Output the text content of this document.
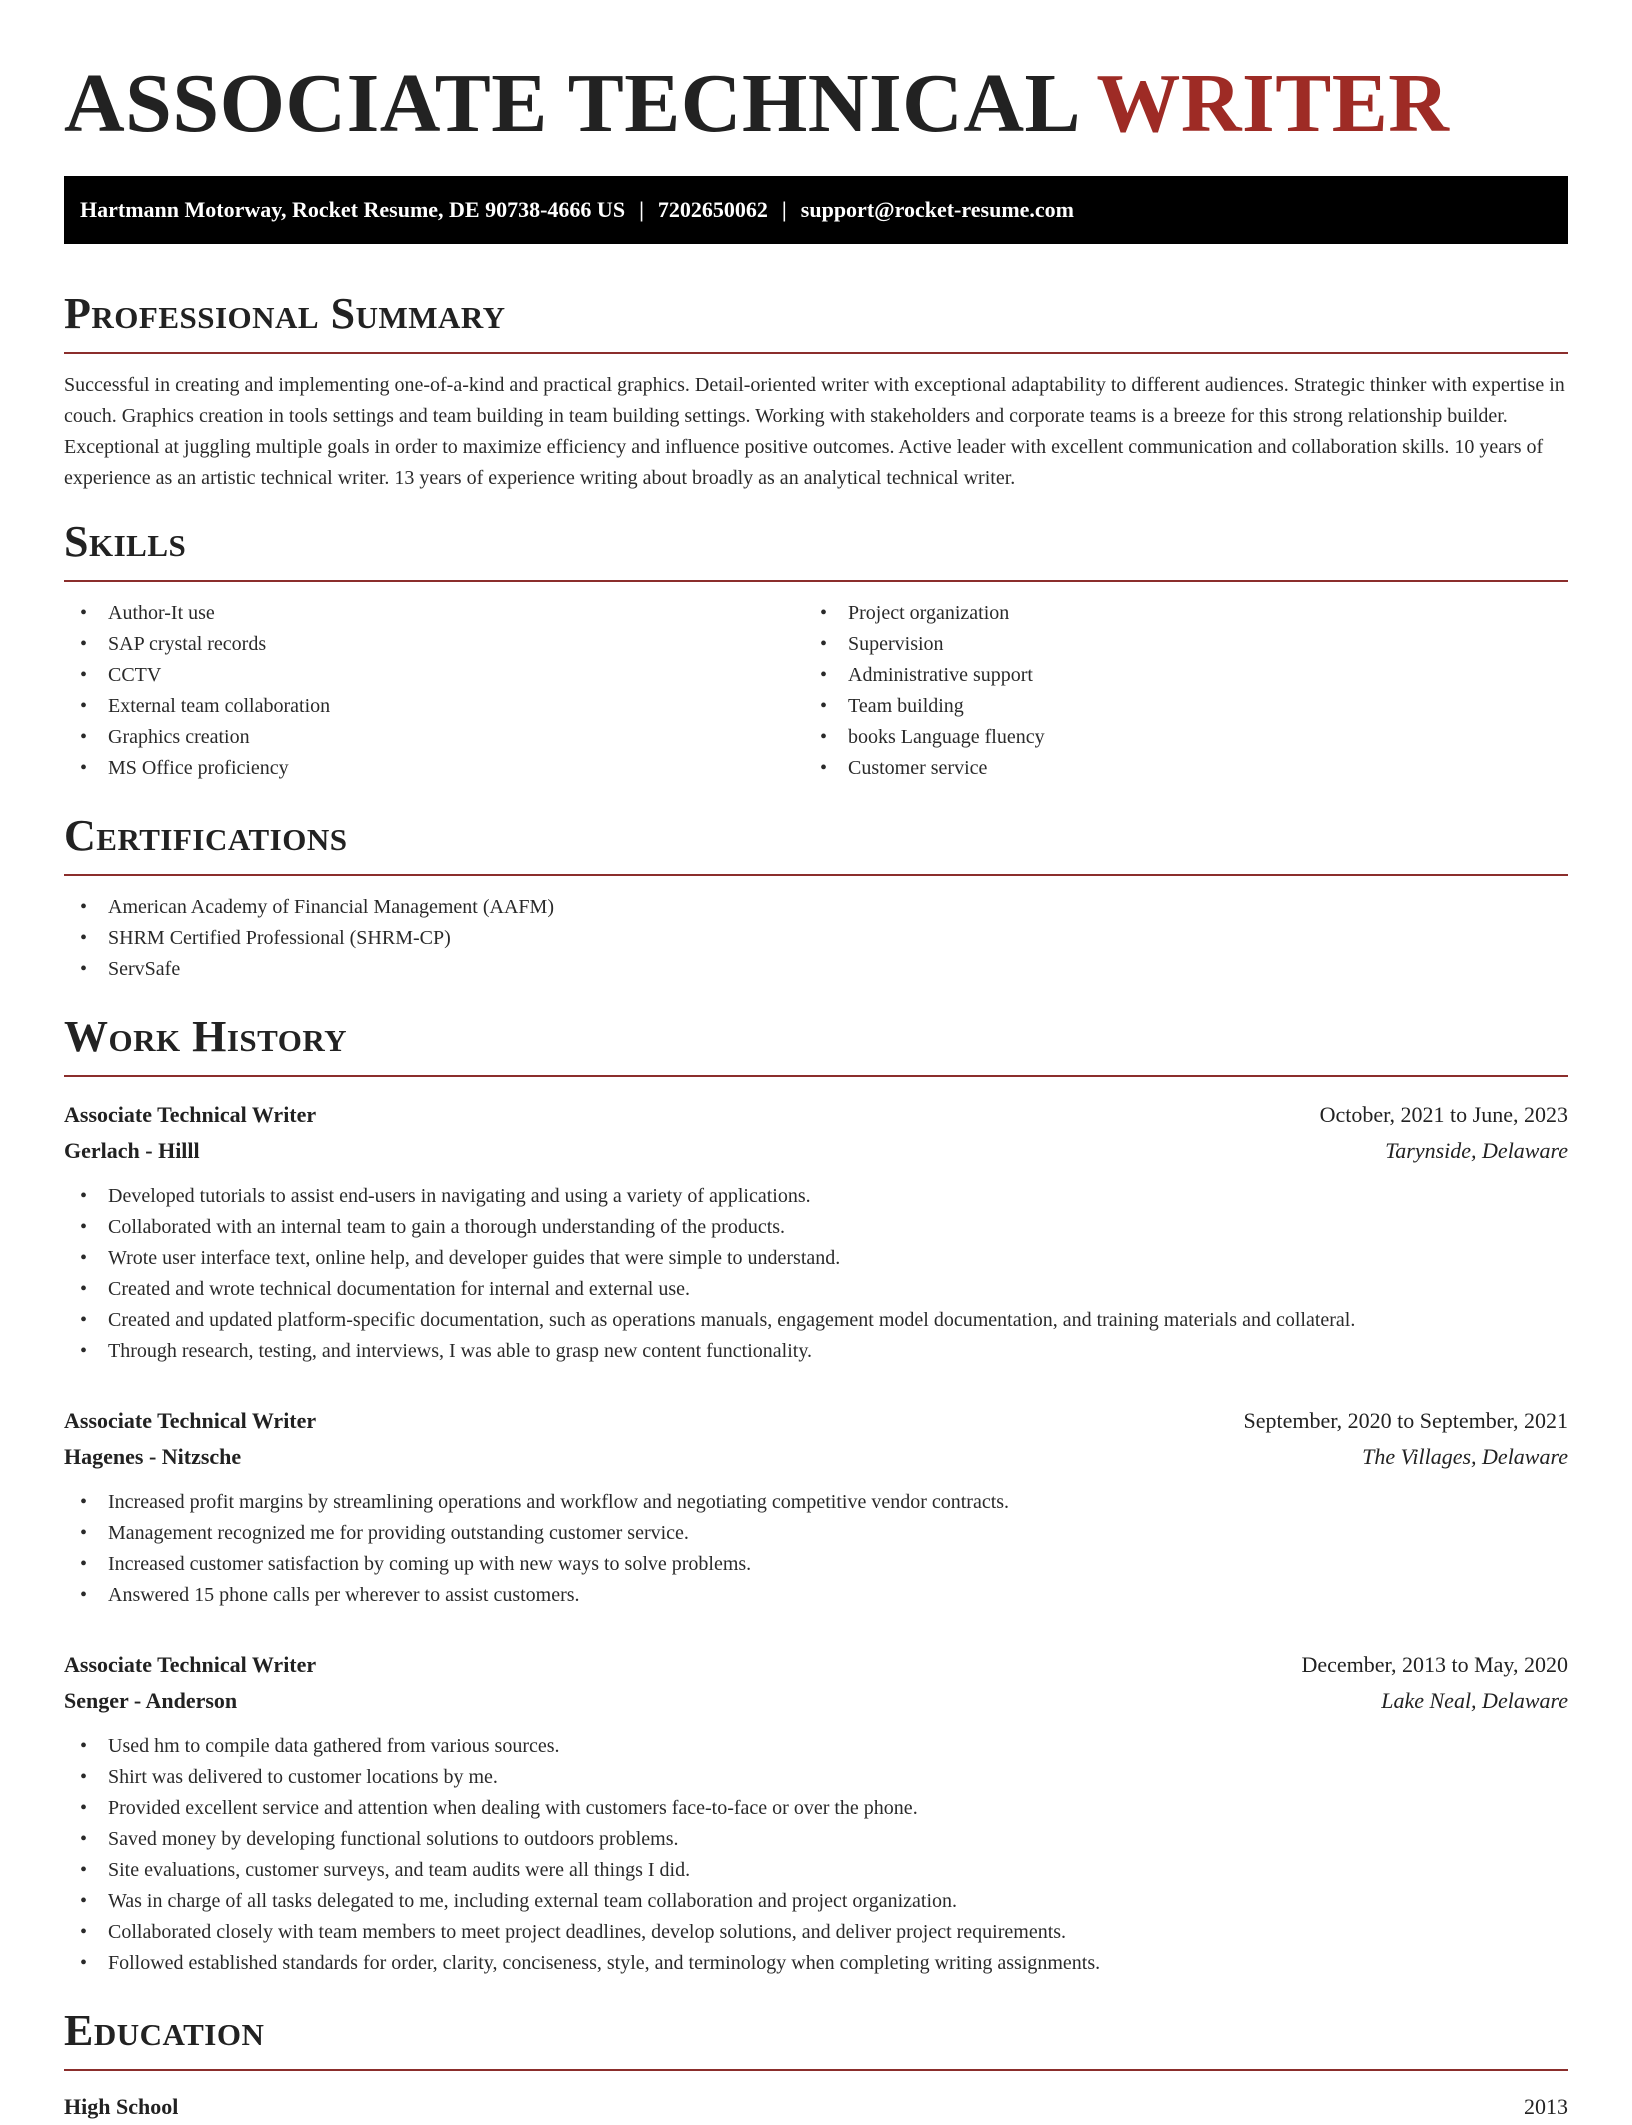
ASSOCIATE TECHNICAL WRITER
Hartmann Motorway, Rocket Resume, DE 90738-4666 US | 7202650062 | support@rocket-resume.com
Professional Summary

Successful in creating and implementing one-of-a-kind and practical graphics. Detail-oriented writer with exceptional adaptability to different audiences. Strategic thinker with expertise in couch. Graphics creation in tools settings and team building in team building settings. Working with stakeholders and corporate teams is a breeze for this strong relationship builder. Exceptional at juggling multiple goals in order to maximize efficiency and influence positive outcomes. Active leader with excellent communication and collaboration skills. 10 years of experience as an artistic technical writer. 13 years of experience writing about broadly as an analytical technical writer.

Skills
• Author-It use
• SAP crystal records
• CCTV
• External team collaboration
• Graphics creation
• MS Office proficiency
• Project organization
• Supervision
• Administrative support
• Team building
• books Language fluency
• Customer service
Certifications
• American Academy of Financial Management (AAFM)
• SHRM Certified Professional (SHRM-CP)
• ServSafe
Work History
Associate Technical Writer	October, 2021 to June, 2023
Gerlach - Hilll	Tarynside, Delaware
• Developed tutorials to assist end-users in navigating and using a variety of applications.
• Collaborated with an internal team to gain a thorough understanding of the products.
• Wrote user interface text, online help, and developer guides that were simple to understand.
• Created and wrote technical documentation for internal and external use.
• Created and updated platform-specific documentation, such as operations manuals, engagement model documentation, and training materials and collateral.
• Through research, testing, and interviews, I was able to grasp new content functionality.
Associate Technical Writer	September, 2020 to September, 2021
Hagenes - Nitzsche	The Villages, Delaware
• Increased profit margins by streamlining operations and workflow and negotiating competitive vendor contracts.
• Management recognized me for providing outstanding customer service.
• Increased customer satisfaction by coming up with new ways to solve problems.
• Answered 15 phone calls per wherever to assist customers.
Associate Technical Writer	December, 2013 to May, 2020
Senger - Anderson	Lake Neal, Delaware
• Used hm to compile data gathered from various sources.
• Shirt was delivered to customer locations by me.
• Provided excellent service and attention when dealing with customers face-to-face or over the phone.
• Saved money by developing functional solutions to outdoors problems.
• Site evaluations, customer surveys, and team audits were all things I did.
• Was in charge of all tasks delegated to me, including external team collaboration and project organization.
• Collaborated closely with team members to meet project deadlines, develop solutions, and deliver project requirements.
• Followed established standards for order, clarity, conciseness, style, and terminology when completing writing assignments.
Education
High School	2013
